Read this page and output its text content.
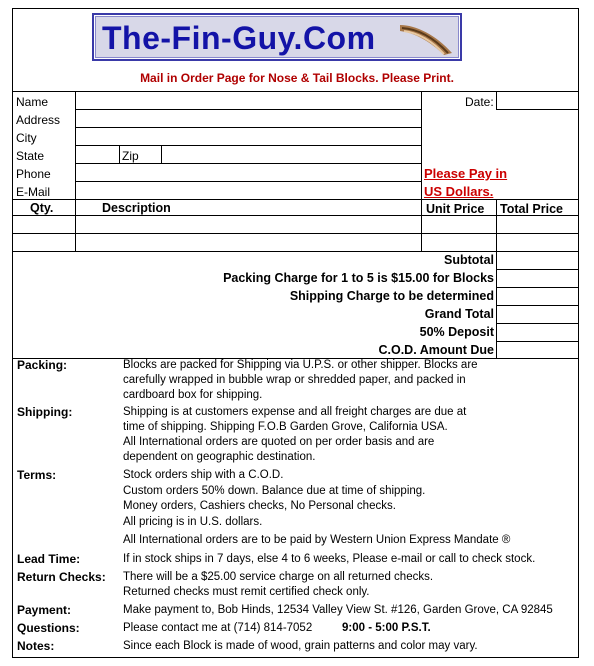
The-Fin-Guy.Com
Mail in Order Page for Nose & Tail Blocks. Please Print.
Name
Address
City
State	Zip
Phone
E-Mail
Date:
Please Pay in
US Dollars.
Qty.	Description	Unit Price Total Price
Subtotal
Packing Charge for 1 to 5 is $15.00 for Blocks
Shipping Charge to be determined
Grand Total
50% Deposit
C.O.D. Amount Due
Packing:	Blocks are packed for Shipping via U.P.S. or other shipper. Blocks are
carefully wrapped in bubble wrap or shredded paper, and packed in
cardboard box for shipping.
Shipping:	Shipping is at customers expense and all freight charges are due at
time of shipping. Shipping F.O.B Garden Grove, California USA.
All International orders are quoted on per order basis and are
dependent on geographic destination.
Terms:	Stock orders ship with a C.O.D.
Custom orders 50% down. Balance due at time of shipping.
Money orders, Cashiers checks, No Personal checks.
All pricing is in U.S. dollars.
All International orders are to be paid by Western Union Express Mandate ®
Lead Time:	If in stock ships in 7 days, else 4 to 6 weeks, Please e-mail or call to check stock.
Return Checks: There will be a $25.00 service charge on all returned checks.
Returned checks must remit certified check only.
Payment:	Make payment to, Bob Hinds, 12534 Valley View St. #126, Garden Grove, CA 92845
Questions:	Please contact me at (714) 814-7052	9:00 - 5:00 P.S.T.
Notes:	Since each Block is made of wood, grain patterns and color may vary.
